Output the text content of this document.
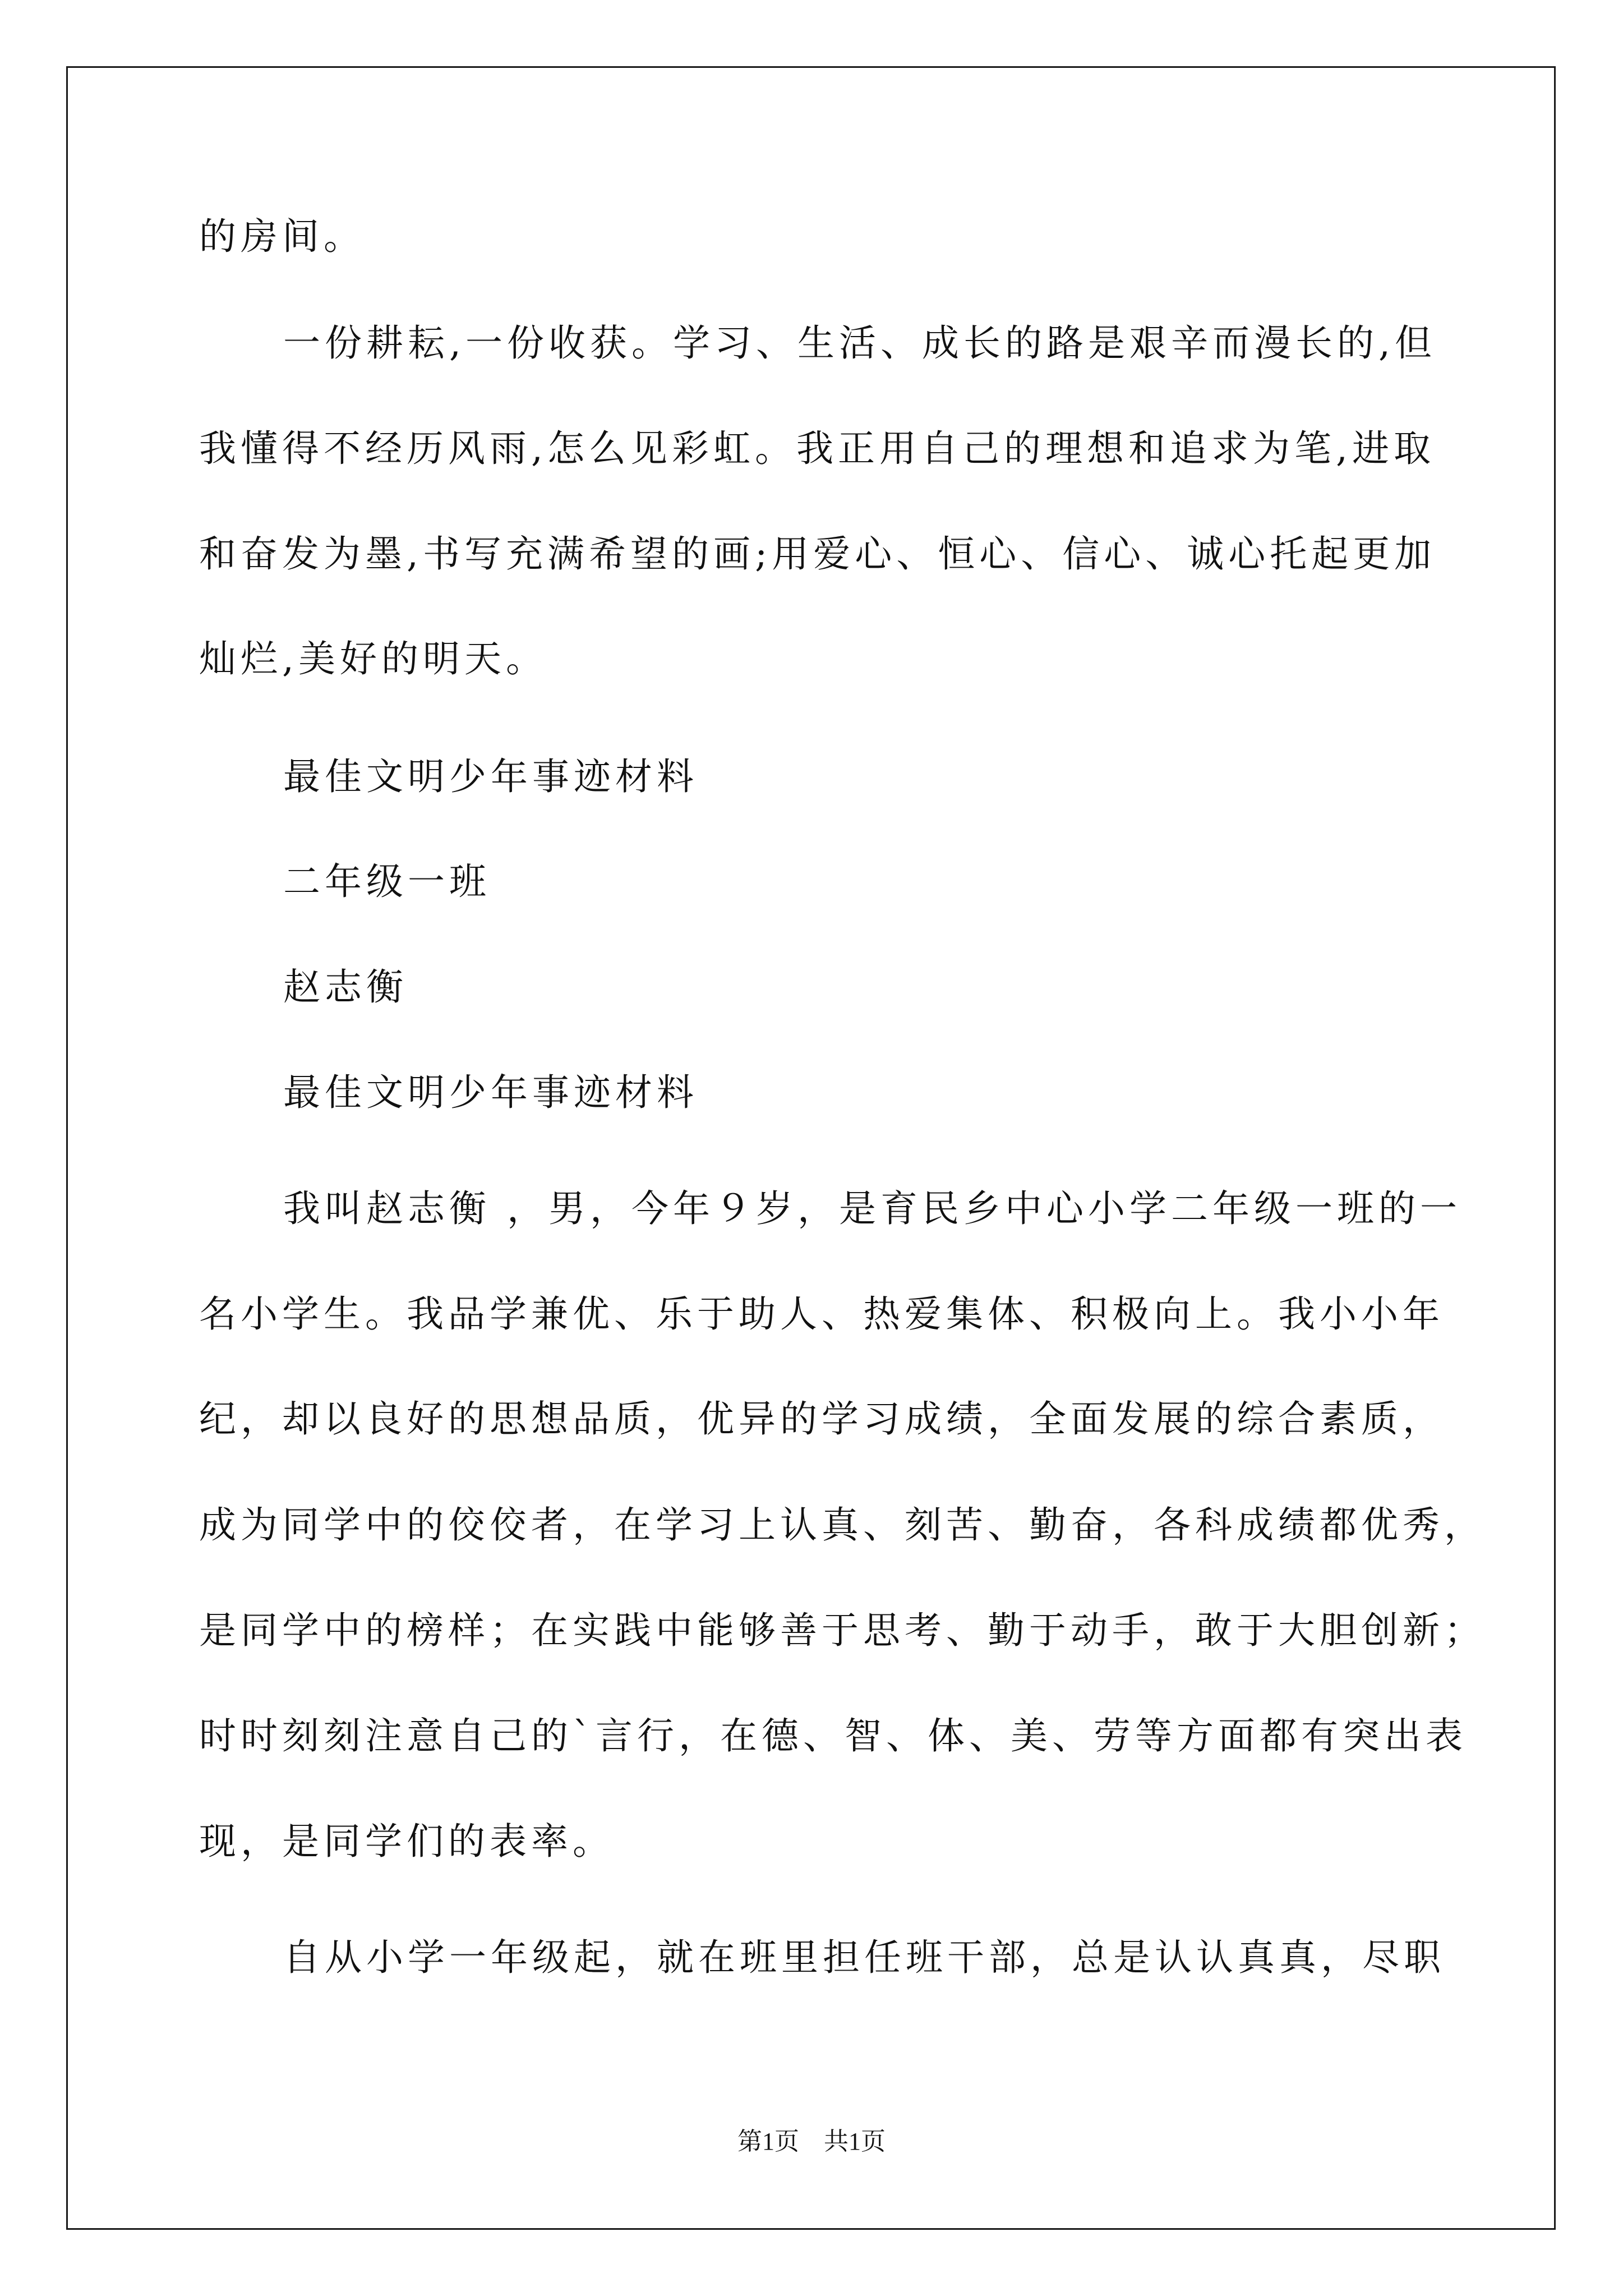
的房间。

一份耕耘,一份收获。学习、生活、成长的路是艰辛而漫长的,但

我懂得不经历风雨,怎么见彩虹。我正用自己的理想和追求为笔,进取

和奋发为墨,书写充满希望的画;用爱心、恒心、信心、诚心托起更加

灿烂,美好的明天。

最佳文明少年事迹材料

二年级一班

赵志衡

最佳文明少年事迹材料

我叫赵志衡 ，男，今年９岁，是育民乡中心小学二年级一班的一

名小学生。我品学兼优、乐于助人、热爱集体、积极向上。我小小年

纪，却以良好的思想品质，优异的学习成绩，全面发展的综合素质，

成为同学中的佼佼者，在学习上认真、刻苦、勤奋，各科成绩都优秀，

是同学中的榜样；在实践中能够善于思考、勤于动手，敢于大胆创新；

时时刻刻注意自己的`言行，在德、智、体、美、劳等方面都有突出表

现，是同学们的表率。

自从小学一年级起，就在班里担任班干部，总是认认真真，尽职

第1页　共1页
